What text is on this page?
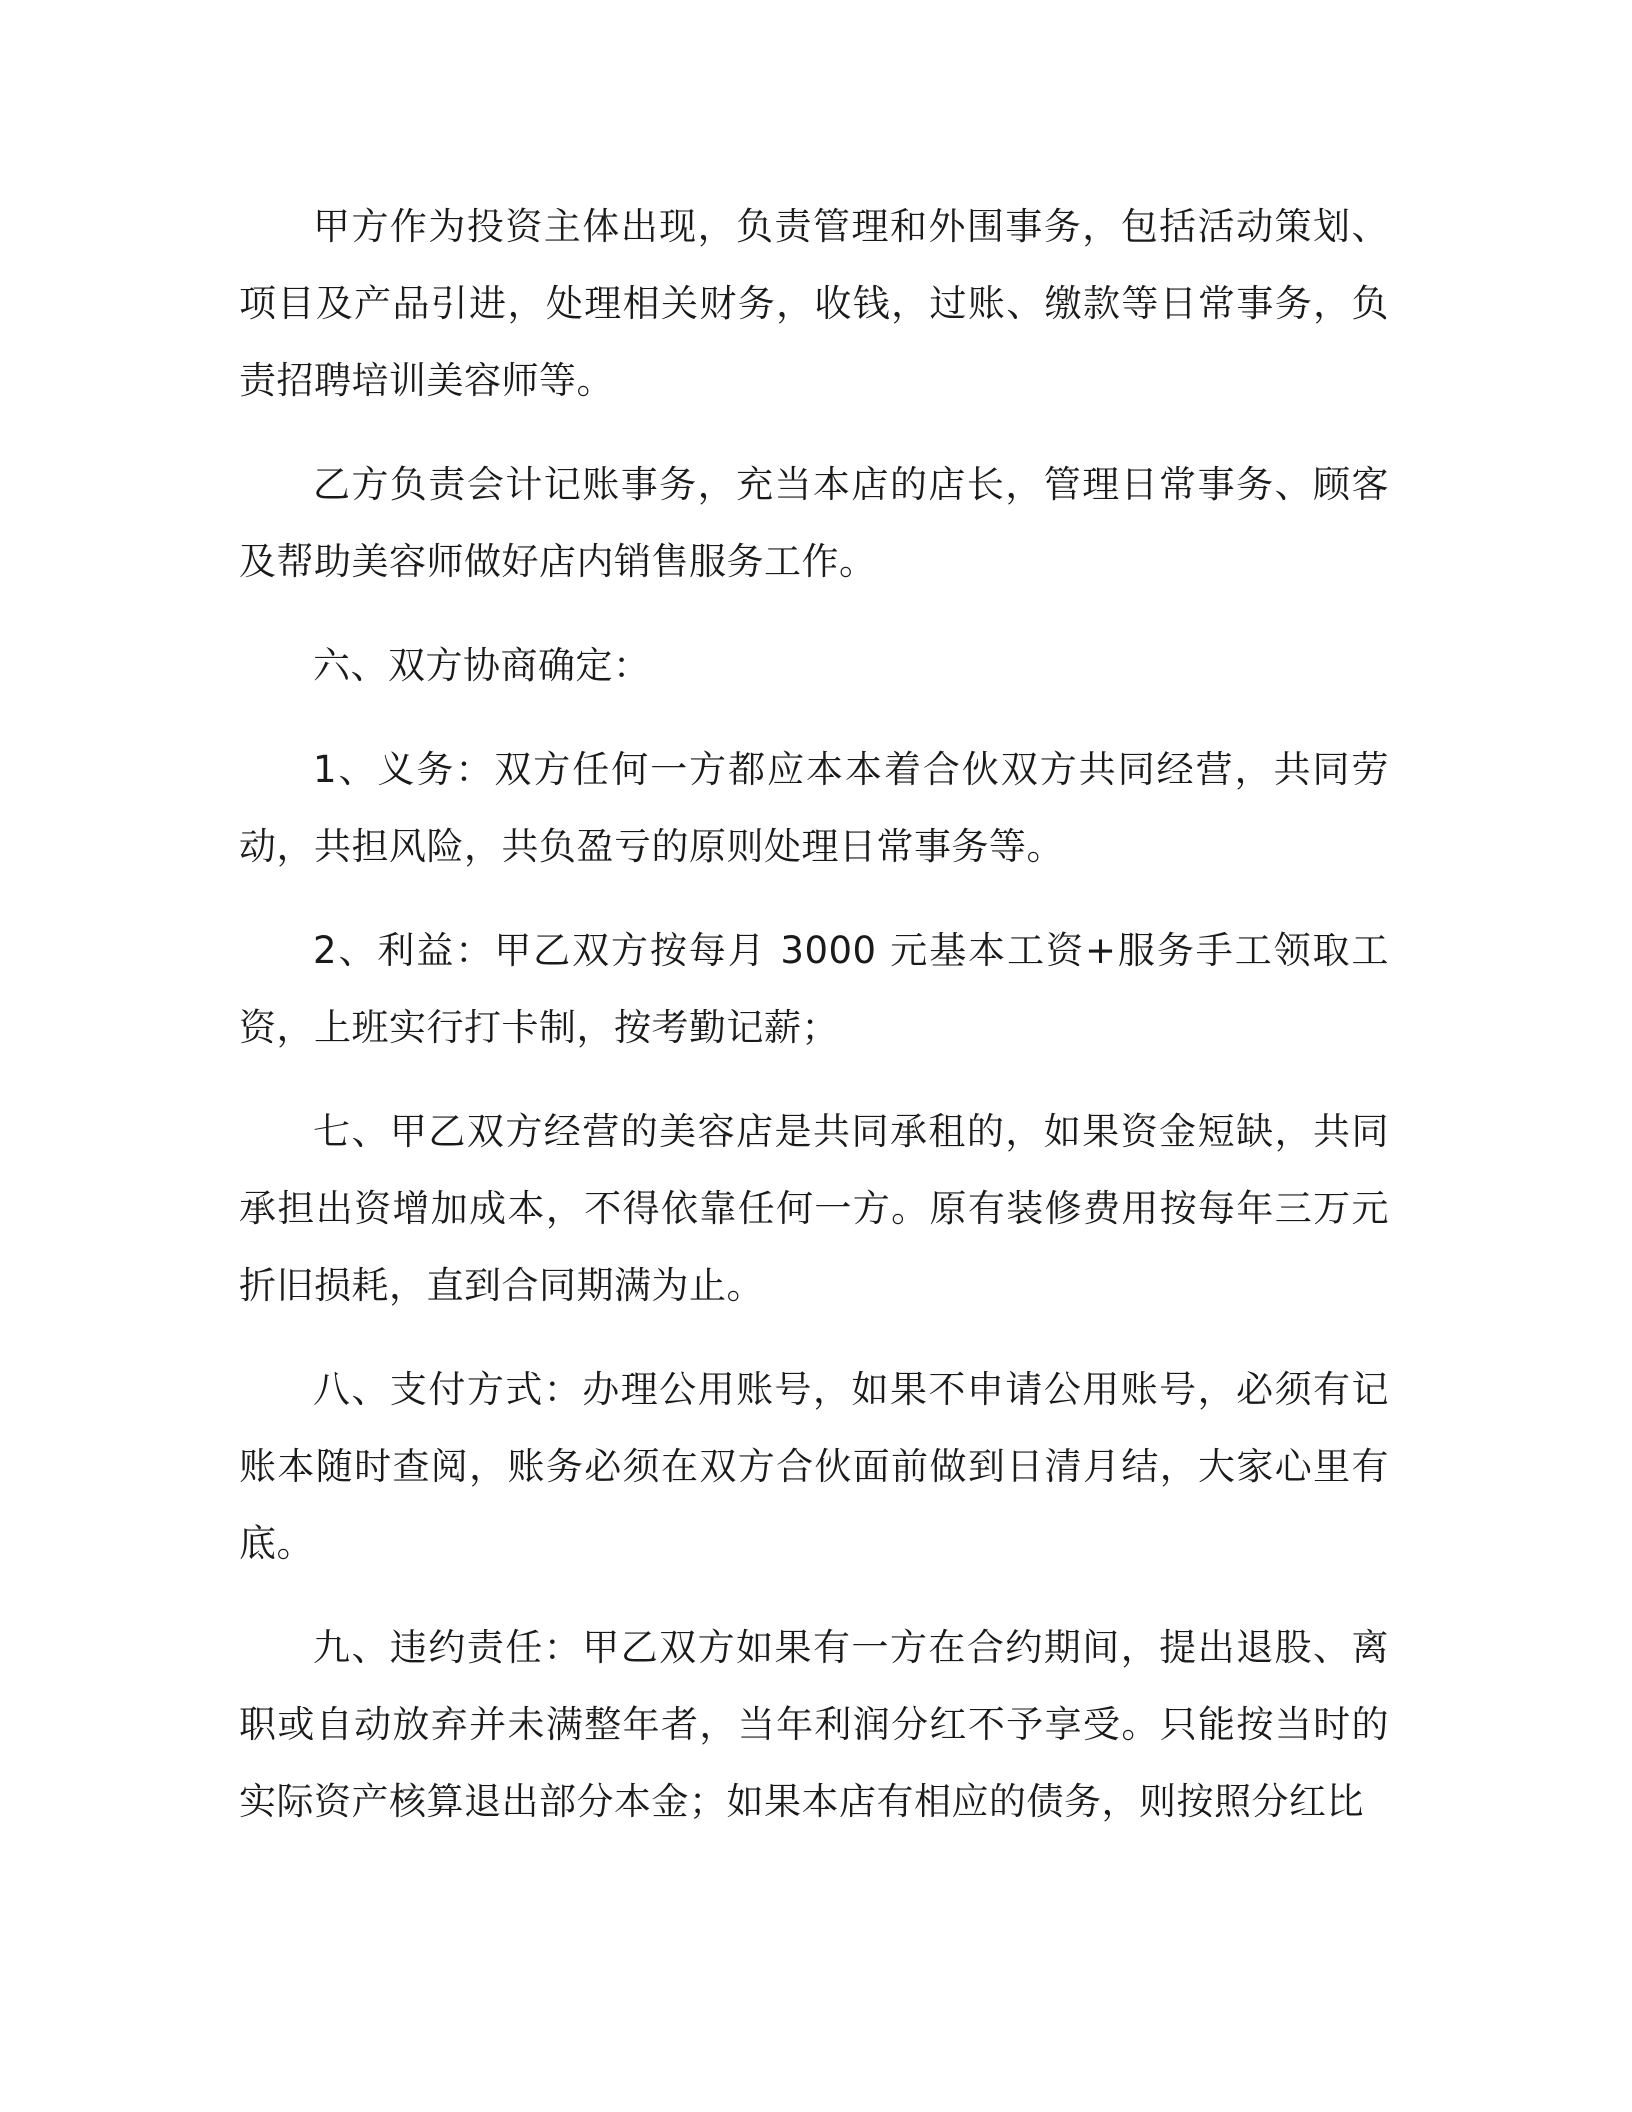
甲方作为投资主体出现，负责管理和外围事务，包括活动策划、项目及产品引进，处理相关财务，收钱，过账、缴款等日常事务，负责招聘培训美容师等。

乙方负责会计记账事务，充当本店的店长，管理日常事务、顾客及帮助美容师做好店内销售服务工作。

六、双方协商确定：

1、义务：双方任何一方都应本本着合伙双方共同经营，共同劳动，共担风险，共负盈亏的原则处理日常事务等。

2、利益：甲乙双方按每月 3000 元基本工资+服务手工领取工资，上班实行打卡制，按考勤记薪；

七、甲乙双方经营的美容店是共同承租的，如果资金短缺，共同承担出资增加成本，不得依靠任何一方。原有装修费用按每年三万元折旧损耗，直到合同期满为止。

八、支付方式：办理公用账号，如果不申请公用账号，必须有记账本随时查阅，账务必须在双方合伙面前做到日清月结，大家心里有底。

九、违约责任：甲乙双方如果有一方在合约期间，提出退股、离职或自动放弃并未满整年者，当年利润分红不予享受。只能按当时的实际资产核算退出部分本金；如果本店有相应的债务，则按照分红比
